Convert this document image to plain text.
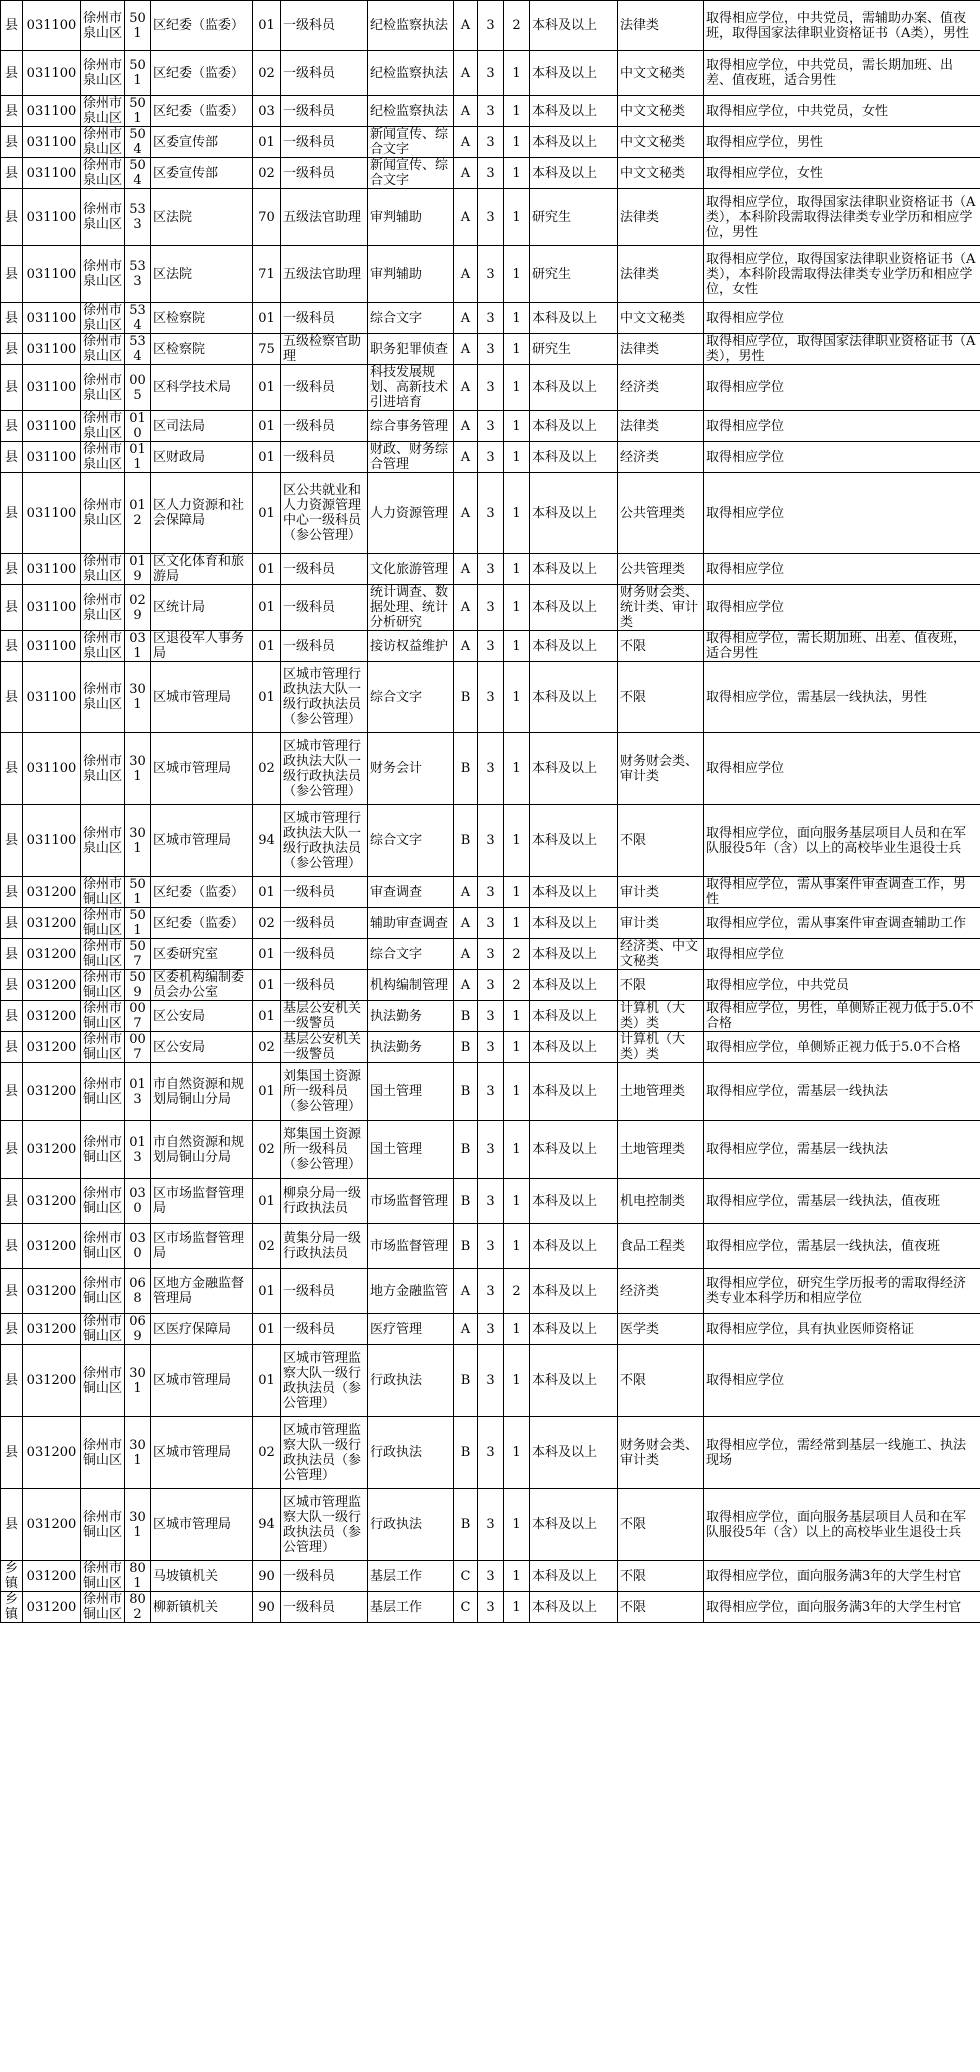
县	031100	徐州市泉山区	501	区纪委（监委）	01	一级科员	纪检监察执法	A	3	2	本科及以上	法律类	取得相应学位，中共党员，需辅助办案、值夜班，取得国家法律职业资格证书（A类），男性
县	031100	徐州市泉山区	501	区纪委（监委）	02	一级科员	纪检监察执法	A	3	1	本科及以上	中文文秘类	取得相应学位，中共党员，需长期加班、出差、值夜班，适合男性
县	031100	徐州市泉山区	501	区纪委（监委）	03	一级科员	纪检监察执法	A	3	1	本科及以上	中文文秘类	取得相应学位，中共党员，女性
县	031100	徐州市泉山区	504	区委宣传部	01	一级科员	新闻宣传、综合文字	A	3	1	本科及以上	中文文秘类	取得相应学位，男性
县	031100	徐州市泉山区	504	区委宣传部	02	一级科员	新闻宣传、综合文字	A	3	1	本科及以上	中文文秘类	取得相应学位，女性
县	031100	徐州市泉山区	533	区法院	70	五级法官助理	审判辅助	A	3	1	研究生	法律类	取得相应学位，取得国家法律职业资格证书（A类），本科阶段需取得法律类专业学历和相应学位，男性
县	031100	徐州市泉山区	533	区法院	71	五级法官助理	审判辅助	A	3	1	研究生	法律类	取得相应学位，取得国家法律职业资格证书（A类），本科阶段需取得法律类专业学历和相应学位，女性
县	031100	徐州市泉山区	534	区检察院	01	一级科员	综合文字	A	3	1	本科及以上	中文文秘类	取得相应学位
县	031100	徐州市泉山区	534	区检察院	75	五级检察官助理	职务犯罪侦查	A	3	1	研究生	法律类	取得相应学位，取得国家法律职业资格证书（A类），男性
县	031100	徐州市泉山区	005	区科学技术局	01	一级科员	科技发展规划、高新技术引进培育	A	3	1	本科及以上	经济类	取得相应学位
县	031100	徐州市泉山区	010	区司法局	01	一级科员	综合事务管理	A	3	1	本科及以上	法律类	取得相应学位
县	031100	徐州市泉山区	011	区财政局	01	一级科员	财政、财务综合管理	A	3	1	本科及以上	经济类	取得相应学位
县	031100	徐州市泉山区	012	区人力资源和社会保障局	01	区公共就业和人力资源管理中心一级科员（参公管理）	人力资源管理	A	3	1	本科及以上	公共管理类	取得相应学位
县	031100	徐州市泉山区	019	区文化体育和旅游局	01	一级科员	文化旅游管理	A	3	1	本科及以上	公共管理类	取得相应学位
县	031100	徐州市泉山区	029	区统计局	01	一级科员	统计调查、数据处理、统计分析研究	A	3	1	本科及以上	财务财会类、统计类、审计类	取得相应学位
县	031100	徐州市泉山区	031	区退役军人事务局	01	一级科员	接访权益维护	A	3	1	本科及以上	不限	取得相应学位，需长期加班、出差、值夜班，适合男性
县	031100	徐州市泉山区	301	区城市管理局	01	区城市管理行政执法大队一级行政执法员（参公管理）	综合文字	B	3	1	本科及以上	不限	取得相应学位，需基层一线执法，男性
县	031100	徐州市泉山区	301	区城市管理局	02	区城市管理行政执法大队一级行政执法员（参公管理）	财务会计	B	3	1	本科及以上	财务财会类、审计类	取得相应学位
县	031100	徐州市泉山区	301	区城市管理局	94	区城市管理行政执法大队一级行政执法员（参公管理）	综合文字	B	3	1	本科及以上	不限	取得相应学位，面向服务基层项目人员和在军队服役5年（含）以上的高校毕业生退役士兵
县	031200	徐州市铜山区	501	区纪委（监委）	01	一级科员	审查调查	A	3	1	本科及以上	审计类	取得相应学位，需从事案件审查调查工作，男性
县	031200	徐州市铜山区	501	区纪委（监委）	02	一级科员	辅助审查调查	A	3	1	本科及以上	审计类	取得相应学位，需从事案件审查调查辅助工作
县	031200	徐州市铜山区	507	区委研究室	01	一级科员	综合文字	A	3	2	本科及以上	经济类、中文文秘类	取得相应学位
县	031200	徐州市铜山区	509	区委机构编制委员会办公室	01	一级科员	机构编制管理	A	3	2	本科及以上	不限	取得相应学位，中共党员
县	031200	徐州市铜山区	007	区公安局	01	基层公安机关一级警员	执法勤务	B	3	1	本科及以上	计算机（大类）类	取得相应学位，男性，单侧矫正视力低于5.0不合格
县	031200	徐州市铜山区	007	区公安局	02	基层公安机关一级警员	执法勤务	B	3	1	本科及以上	计算机（大类）类	取得相应学位，单侧矫正视力低于5.0不合格
县	031200	徐州市铜山区	013	市自然资源和规划局铜山分局	01	刘集国土资源所一级科员（参公管理）	国土管理	B	3	1	本科及以上	土地管理类	取得相应学位，需基层一线执法
县	031200	徐州市铜山区	013	市自然资源和规划局铜山分局	02	郑集国土资源所一级科员（参公管理）	国土管理	B	3	1	本科及以上	土地管理类	取得相应学位，需基层一线执法
县	031200	徐州市铜山区	030	区市场监督管理局	01	柳泉分局一级行政执法员	市场监督管理	B	3	1	本科及以上	机电控制类	取得相应学位，需基层一线执法，值夜班
县	031200	徐州市铜山区	030	区市场监督管理局	02	黄集分局一级行政执法员	市场监督管理	B	3	1	本科及以上	食品工程类	取得相应学位，需基层一线执法，值夜班
县	031200	徐州市铜山区	068	区地方金融监督管理局	01	一级科员	地方金融监管	A	3	2	本科及以上	经济类	取得相应学位，研究生学历报考的需取得经济类专业本科学历和相应学位
县	031200	徐州市铜山区	069	区医疗保障局	01	一级科员	医疗管理	A	3	1	本科及以上	医学类	取得相应学位，具有执业医师资格证
县	031200	徐州市铜山区	301	区城市管理局	01	区城市管理监察大队一级行政执法员（参公管理）	行政执法	B	3	1	本科及以上	不限	取得相应学位
县	031200	徐州市铜山区	301	区城市管理局	02	区城市管理监察大队一级行政执法员（参公管理）	行政执法	B	3	1	本科及以上	财务财会类、审计类	取得相应学位，需经常到基层一线施工、执法现场
县	031200	徐州市铜山区	301	区城市管理局	94	区城市管理监察大队一级行政执法员（参公管理）	行政执法	B	3	1	本科及以上	不限	取得相应学位，面向服务基层项目人员和在军队服役5年（含）以上的高校毕业生退役士兵
乡镇	031200	徐州市铜山区	801	马坡镇机关	90	一级科员	基层工作	C	3	1	本科及以上	不限	取得相应学位，面向服务满3年的大学生村官
乡镇	031200	徐州市铜山区	802	柳新镇机关	90	一级科员	基层工作	C	3	1	本科及以上	不限	取得相应学位，面向服务满3年的大学生村官
